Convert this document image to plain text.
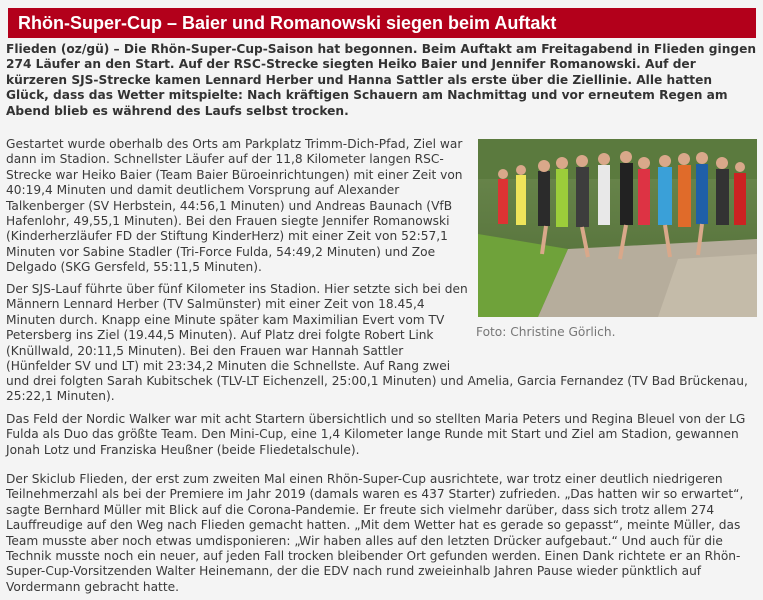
Rhön-Super-Cup – Baier und Romanowski siegen beim Auftakt

Flieden (oz/gü) – Die Rhön-Super-Cup-Saison hat begonnen. Beim Auftakt am Freitagabend in Flieden gingen 274 Läufer an den Start. Auf der RSC-Strecke siegten Heiko Baier und Jennifer Romanowski. Auf der kürzeren SJS-Strecke kamen Lennard Herber und Hanna Sattler als erste über die Ziellinie. Alle hatten Glück, dass das Wetter mitspielte: Nach kräftigen Schauern am Nachmittag und vor erneutem Regen am Abend blieb es während des Laufs selbst trocken.

Gestartet wurde oberhalb des Orts am Parkplatz Trimm-Dich-Pfad, Ziel war dann im Stadion. Schnellster Läufer auf der 11,8 Kilometer langen RSC-Strecke war Heiko Baier (Team Baier Büroeinrichtungen) mit einer Zeit von 40:19,4 Minuten und damit deutlichem Vorsprung auf Alexander Talkenberger (SV Herbstein, 44:56,1 Minuten) und Andreas Baunach (VfB Hafenlohr, 49,55,1 Minuten). Bei den Frauen siegte Jennifer Romanowski (Kinderherzläufer FD der Stiftung KinderHerz) mit einer Zeit von 52:57,1 Minuten vor Sabine Stadler (Tri-Force Fulda, 54:49,2 Minuten) und Zoe Delgado (SKG Gersfeld, 55:11,5 Minuten).

Foto: Christine Görlich.

Der SJS-Lauf führte über fünf Kilometer ins Stadion. Hier setzte sich bei den Männern Lennard Herber (TV Salmünster) mit einer Zeit von 18.45,4 Minuten durch. Knapp eine Minute später kam Maximilian Evert vom TV Petersberg ins Ziel (19.44,5 Minuten). Auf Platz drei folgte Robert Link (Knüllwald, 20:11,5 Minuten). Bei den Frauen war Hannah Sattler (Hünfelder SV und LT) mit 23:34,2 Minuten die Schnellste. Auf Rang zwei

und drei folgten Sarah Kubitschek (TLV-LT Eichenzell, 25:00,1 Minuten) und Amelia, Garcia Fernandez (TV Bad Brückenau, 25:22,1 Minuten).

Das Feld der Nordic Walker war mit acht Startern übersichtlich und so stellten Maria Peters und Regina Bleuel von der LG Fulda als Duo das größte Team. Den Mini-Cup, eine 1,4 Kilometer lange Runde mit Start und Ziel am Stadion, gewannen Jonah Lotz und Franziska Heußner (beide Fliedetalschule).

Der Skiclub Flieden, der erst zum zweiten Mal einen Rhön-Super-Cup ausrichtete, war trotz einer deutlich niedrigeren Teilnehmerzahl als bei der Premiere im Jahr 2019 (damals waren es 437 Starter) zufrieden. „Das hatten wir so erwartet“, sagte Bernhard Müller mit Blick auf die Corona-Pandemie. Er freute sich vielmehr darüber, dass sich trotz allem 274 Lauffreudige auf den Weg nach Flieden gemacht hatten. „Mit dem Wetter hat es gerade so gepasst“, meinte Müller, das Team musste aber noch etwas umdisponieren: „Wir haben alles auf den letzten Drücker aufgebaut.“ Und auch für die Technik musste noch ein neuer, auf jeden Fall trocken bleibender Ort gefunden werden. Einen Dank richtete er an Rhön-Super-Cup-Vorsitzenden Walter Heinemann, der die EDV nach rund zweieinhalb Jahren Pause wieder pünktlich auf Vordermann gebracht hatte.
